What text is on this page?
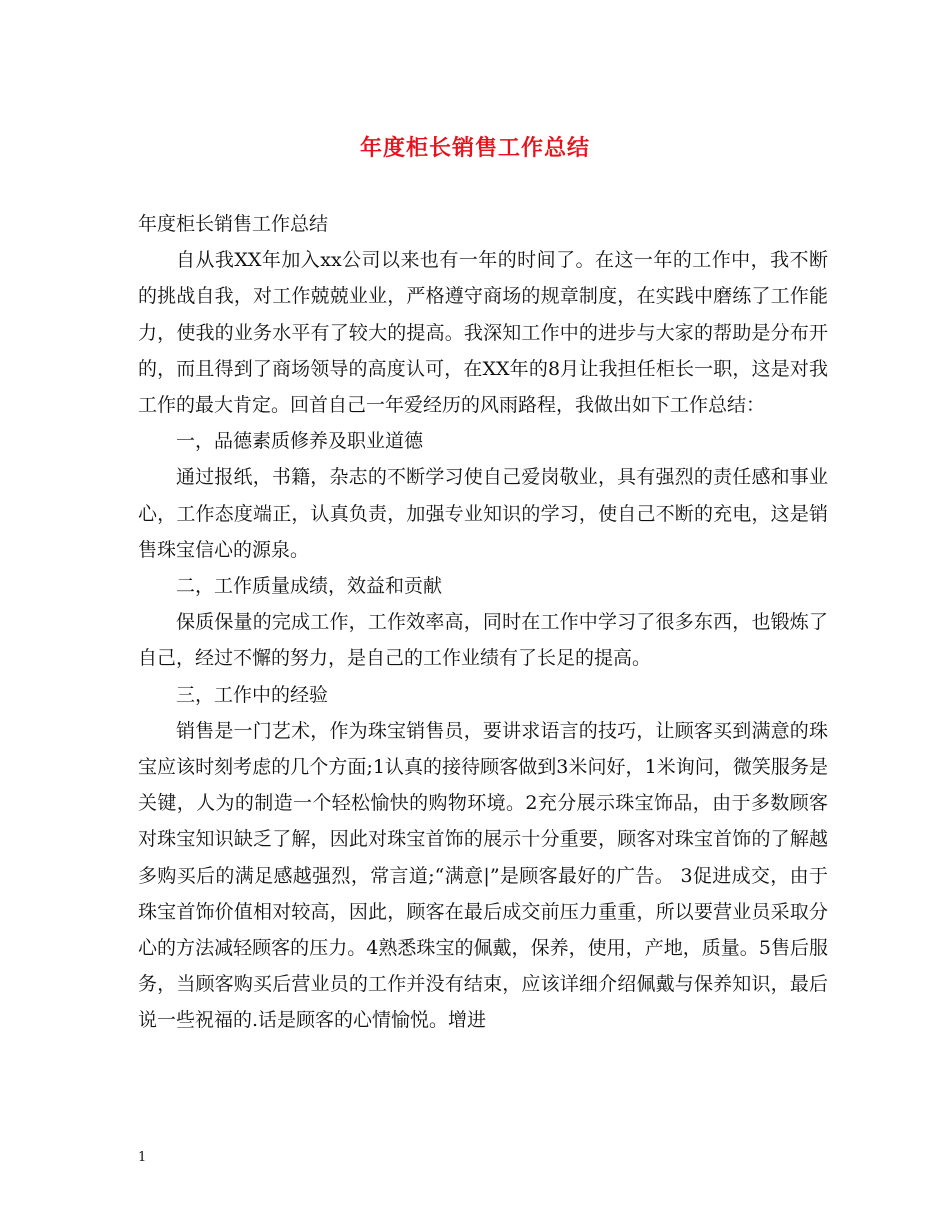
年度柜长销售工作总结

年度柜长销售工作总结

自从我XX年加入xx公司以来也有一年的时间了。在这一年的工作中，我不断的挑战自我，对工作兢兢业业，严格遵守商场的规章制度，在实践中磨练了工作能力，使我的业务水平有了较大的提高。我深知工作中的进步与大家的帮助是分布开的，而且得到了商场领导的高度认可，在XX年的8月让我担任柜长一职，这是对我工作的最大肯定。回首自己一年爱经历的风雨路程，我做出如下工作总结：

一，品德素质修养及职业道德

通过报纸，书籍，杂志的不断学习使自己爱岗敬业，具有强烈的责任感和事业心，工作态度端正，认真负责，加强专业知识的学习，使自己不断的充电，这是销售珠宝信心的源泉。

二，工作质量成绩，效益和贡献

保质保量的完成工作，工作效率高，同时在工作中学习了很多东西，也锻炼了自己，经过不懈的努力，是自己的工作业绩有了长足的提高。

三，工作中的经验

销售是一门艺术，作为珠宝销售员，要讲求语言的技巧，让顾客买到满意的珠宝应该时刻考虑的几个方面;1认真的接待顾客做到3米问好，1米询问，微笑服务是关键，人为的制造一个轻松愉快的购物环境。2充分展示珠宝饰品，由于多数顾客对珠宝知识缺乏了解，因此对珠宝首饰的展示十分重要，顾客对珠宝首饰的了解越多购买后的满足感越强烈，常言道;“满意|”是顾客最好的广告。 3促进成交，由于珠宝首饰价值相对较高，因此，顾客在最后成交前压力重重，所以要营业员采取分心的方法减轻顾客的压力。4熟悉珠宝的佩戴，保养，使用，产地，质量。5售后服务，当顾客购买后营业员的工作并没有结束，应该详细介绍佩戴与保养知识，最后说一些祝福的.话是顾客的心情愉悦。增进

1
